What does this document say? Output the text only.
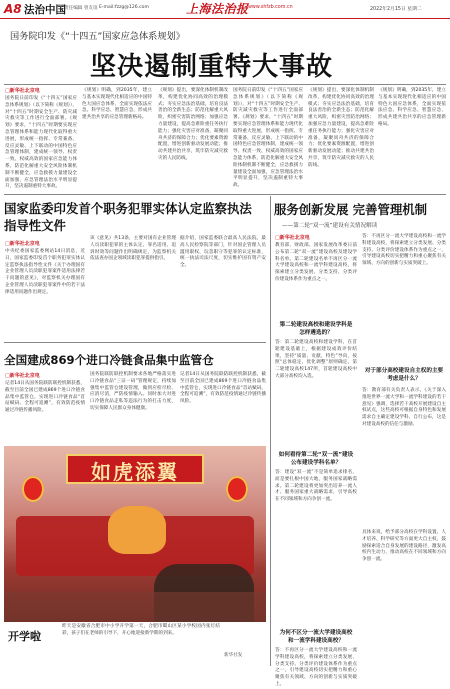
A8 法治中国
责任编辑 曾友谊 E-mail:fzzg@126.com	上海法治报 www.shfzb.com.cn	2022年2月15日 星期二
国务院印发《“十四五”国家应急体系规划》
坚决遏制重特大事故
□新华社北京电
国务院日前印发《“十四五”国家应急体系规划》（以下简称《规划》），对“十四五”时期安全生产、防灾减灾救灾等工作进行全面部署。《规划》要求，“十四五”时期要实现应急管理体系和能力现代化取得重大进展，形成统一指挥、专常兼备、反应灵敏、上下联动的中国特色应急管理体制，建成统一领导、权责一致、权威高效的国家应急能力体系，防范化解重大安全风险体制机制不断健全，应急救援力量建设全面加强，应急管理法治水平明显提升，坚决遏制重特大事故。
《规划》明确，到2035年，建立与基本实现现代化相适应的中国特色大国应急体系，全面实现依法应急、科学应急、智慧应急，形成共建共治共享的应急管理新格局。
《规划》提出，要深化体制机制改革，构建优化协同高效的治理模式；夯实应急法治基础，培育良法善治的全新生态；防范化解重大风险，织密灾害防治网络；加强应急力量建设，提高急难险重任务执行能力；强化灾害应对准备，凝聚同舟共济的保障合力；优化要素资源配置，增进创新驱动发展动能；推动共建共治共享，筑牢防灾减灾救灾的人民防线。
国务院日前印发《“十四五”国家应急体系规划》（以下简称《规划》），对“十四五”时期安全生产、防灾减灾救灾等工作进行全面部署。《规划》要求，“十四五”时期要实现应急管理体系和能力现代化取得重大进展，形成统一指挥、专常兼备、反应灵敏、上下联动的中国特色应急管理体制，建成统一领导、权责一致、权威高效的国家应急能力体系，防范化解重大安全风险体制机制不断健全，应急救援力量建设全面加强，应急管理法治水平明显提升，坚决遏制重特大事故。
《规划》提出，要深化体制机制改革，构建优化协同高效的治理模式；夯实应急法治基础，培育良法善治的全新生态；防范化解重大风险，织密灾害防治网络；加强应急力量建设，提高急难险重任务执行能力；强化灾害应对准备，凝聚同舟共济的保障合力；优化要素资源配置，增进创新驱动发展动能；推动共建共治共享，筑牢防灾减灾救灾的人民防线。
《规划》明确，到2035年，建立与基本实现现代化相适应的中国特色大国应急体系，全面实现依法应急、科学应急、智慧应急，形成共建共治共享的应急管理新格局。
国家监委印发首个职务犯罪实体认定监察执法指导性文件
□新华社北京电
中央纪委国家监委网站14日消息，近日，国家监委印发首个职务犯罪实体认定监察执法指导性文件《关于办理国有企业管理人员渎职犯罪案件适用法律若干问题的意见》，对监察机关办理国有企业管理人员渎职犯罪案件中的若干法律适用问题作出规定。
该《意见》共13条，主要对国有企业管理人员渎职犯罪的主体认定、罪名适用、追诉时效等问题作出明确规定，为监察机关依法查办国企领域渎职犯罪提供指引。
据介绍，国家监委联合最高人民法院、最高人民检察院等部门，针对国企管理人员滥用职权、玩忽职守等犯罪的认定标准，统一执法司法尺度，切实维护国有资产安全。
全国建成869个进口冷链食品集中监管仓
□新华社北京电
记者14日从国务院联防联控机制获悉，截至目前全国已建成869个进口冷链食品集中监管仓，实现进口冷链食品“首站赋码、全程可追溯”，有效防范疫情通过冷链传播风险。
国务院联防联控机制要求各地严格落实进口冷链食品“三证一码”管理规定，持续加强集中监管仓建设管理，做到应检尽检、应消尽消，严防疫情输入。同时加大对进口冷链食品走私等违法行为的打击力度，切实保障人民群众身体健康。
记者14日从国务院联防联控机制获悉，截至目前全国已建成869个进口冷链食品集中监管仓，实现进口冷链食品“首站赋码、全程可追溯”，有效防范疫情通过冷链传播风险。
如虎添翼
开学啦
昨天是安徽省合肥市中小学开学第一天，合肥市蜀山区某小学校园内张灯结彩，孩子们在老师的引导下，开心地迎接新学期的到来。
新华社发
服务创新发展 完善管理机制
——第二轮“双一流”建设有关情况解读
□新华社北京电
教育部、财政部、国家发展改革委日前公布第二轮“双一流”建设高校及建设学科名单。第二轮建设名单不再区分一流大学建设高校和一流学科建设高校，将探索建立分类发展、分类支持、分类评价建设体系作为重点之一。
第二轮建设高校和建设学科是怎样遴选的？
答：第二轮建设高校和建设学科，在首轮建设基础上，根据建设成效评价结果，坚持“质量、贡献、特色”导向，按照“总体稳定、优化调整”原则确定。第二轮建设高校147所，首轮建设高校中大部分高校均入选。
如何看待第二轮“双一流”建设公布建设学科名单？
答：建设“双一流”不是简单追求排名，而是要扎根中国大地，服务国家战略需求。第二轮建设将更加突出培养一流人才、服务国家重大战略需求，引导高校在不同领域和方向争创一流。
为何不区分一流大学建设高校和一流学科建设高校？
答：不再区分一流大学建设高校和一流学科建设高校，将探索建立分类发展、分类支持、分类评价建设体系作为重点之一，引导建设高校切实把精力和重心聚焦有关领域、方向的创新与实质突破上。
答：不再区分一流大学建设高校和一流学科建设高校，将探索建立分类发展、分类支持、分类评价建设体系作为重点之一，引导建设高校切实把精力和重心聚焦有关领域、方向的创新与实质突破上。
对于部分高校建设自主权的主要考虑是什么？
答：教育部有关负责人表示，《关于深入推进世界一流大学和一流学科建设的若干意见》强调，选择若干高校开展建设自主权试点，这些高校可根据自身特色和发展需求自主确定建设学科、自行公布，这是对建设高校的信任与激励。
具体来说，给予部分高校在学科设置、人才培养、科学研究等方面更大自主权，鼓励探索适合自身发展的建设路径，激发高校内生动力，推动高校在不同领域和方向争创一流。
